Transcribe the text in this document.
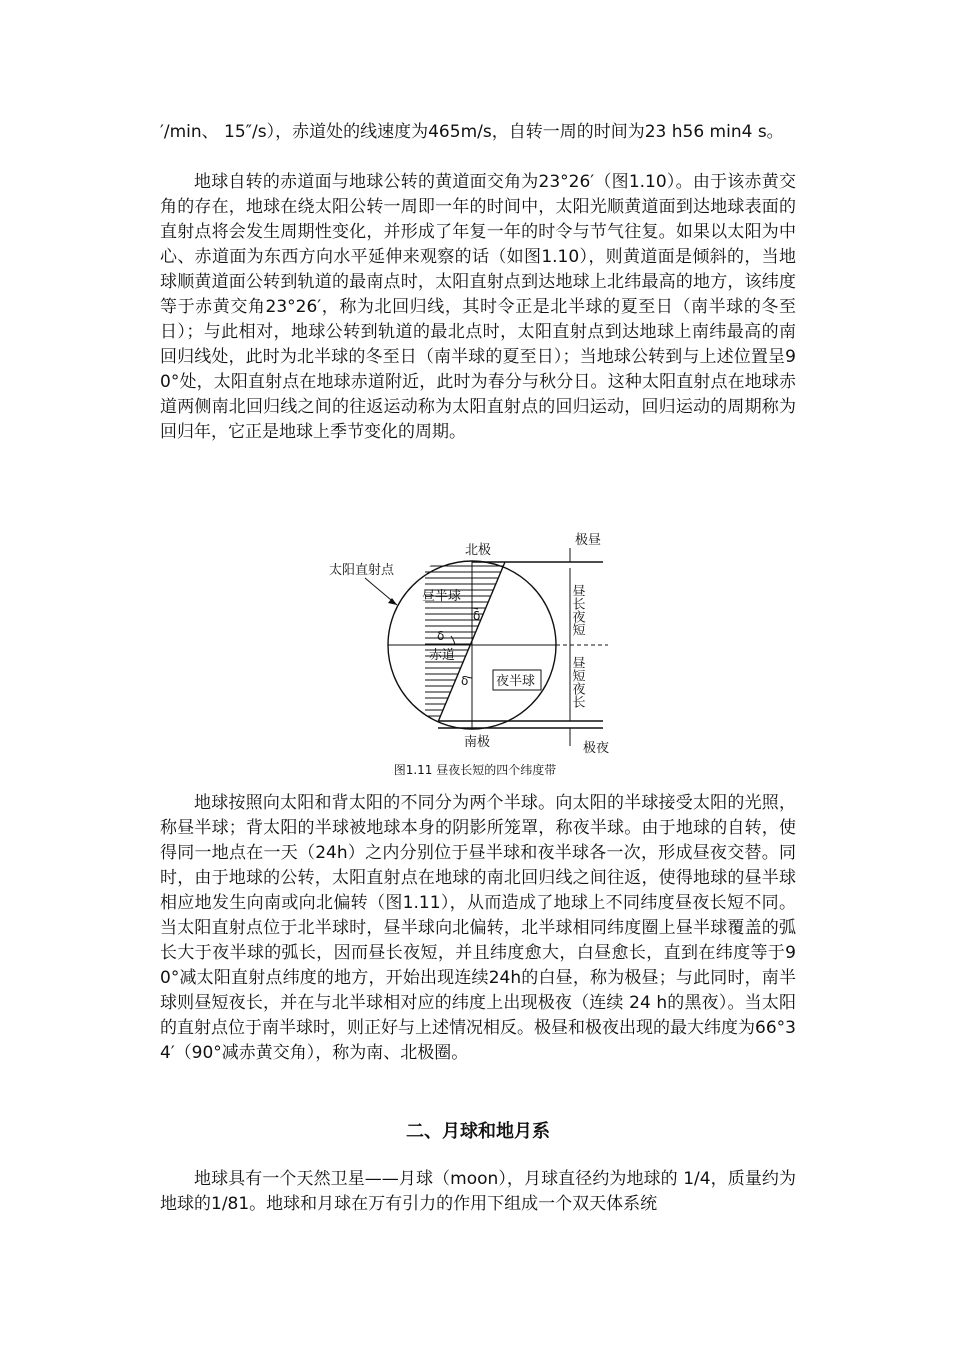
′/min、 15″/s），赤道处的线速度为465m/s，自转一周的时间为23 h56 min4 s。

地球自转的赤道面与地球公转的黄道面交角为23°26′（图1.10）。由于该赤黄交角的存在，地球在绕太阳公转一周即一年的时间中，太阳光顺黄道面到达地球表面的直射点将会发生周期性变化，并形成了年复一年的时令与节气往复。如果以太阳为中心、赤道面为东西方向水平延伸来观察的话（如图1.10），则黄道面是倾斜的，当地球顺黄道面公转到轨道的最南点时，太阳直射点到达地球上北纬最高的地方，该纬度等于赤黄交角23°26′，称为北回归线，其时令正是北半球的夏至日（南半球的冬至日）；与此相对，地球公转到轨道的最北点时，太阳直射点到达地球上南纬最高的南回归线处，此时为北半球的冬至日（南半球的夏至日）；当地球公转到与上述位置呈90°处，太阳直射点在地球赤道附近，此时为春分与秋分日。这种太阳直射点在地球赤道两侧南北回归线之间的往返运动称为太阳直射点的回归运动，回归运动的周期称为回归年，它正是地球上季节变化的周期。

地球按照向太阳和背太阳的不同分为两个半球。向太阳的半球接受太阳的光照，称昼半球；背太阳的半球被地球本身的阴影所笼罩，称夜半球。由于地球的自转，使得同一地点在一天（24h）之内分别位于昼半球和夜半球各一次，形成昼夜交替。同时，由于地球的公转，太阳直射点在地球的南北回归线之间往返，使得地球的昼半球相应地发生向南或向北偏转（图1.11），从而造成了地球上不同纬度昼夜长短不同。当太阳直射点位于北半球时，昼半球向北偏转，北半球相同纬度圈上昼半球覆盖的弧长大于夜半球的弧长，因而昼长夜短，并且纬度愈大，白昼愈长，直到在纬度等于90°减太阳直射点纬度的地方，开始出现连续24h的白昼，称为极昼；与此同时，南半球则昼短夜长，并在与北半球相对应的纬度上出现极夜（连续 24 h的黑夜）。当太阳的直射点位于南半球时，则正好与上述情况相反。极昼和极夜出现的最大纬度为66°34′（90°减赤黄交角），称为南、北极圈。

二、月球和地月系

地球具有一个天然卫星——月球（moon），月球直径约为地球的 1/4，质量约为地球的1/81。地球和月球在万有引力的作用下组成一个双天体系统

北极
南极
太阳直射点
昼半球
夜半球
赤道
δ
δ
δ
极昼
极夜
昼长夜短
昼短夜长
图1.11 昼夜长短的四个纬度带
